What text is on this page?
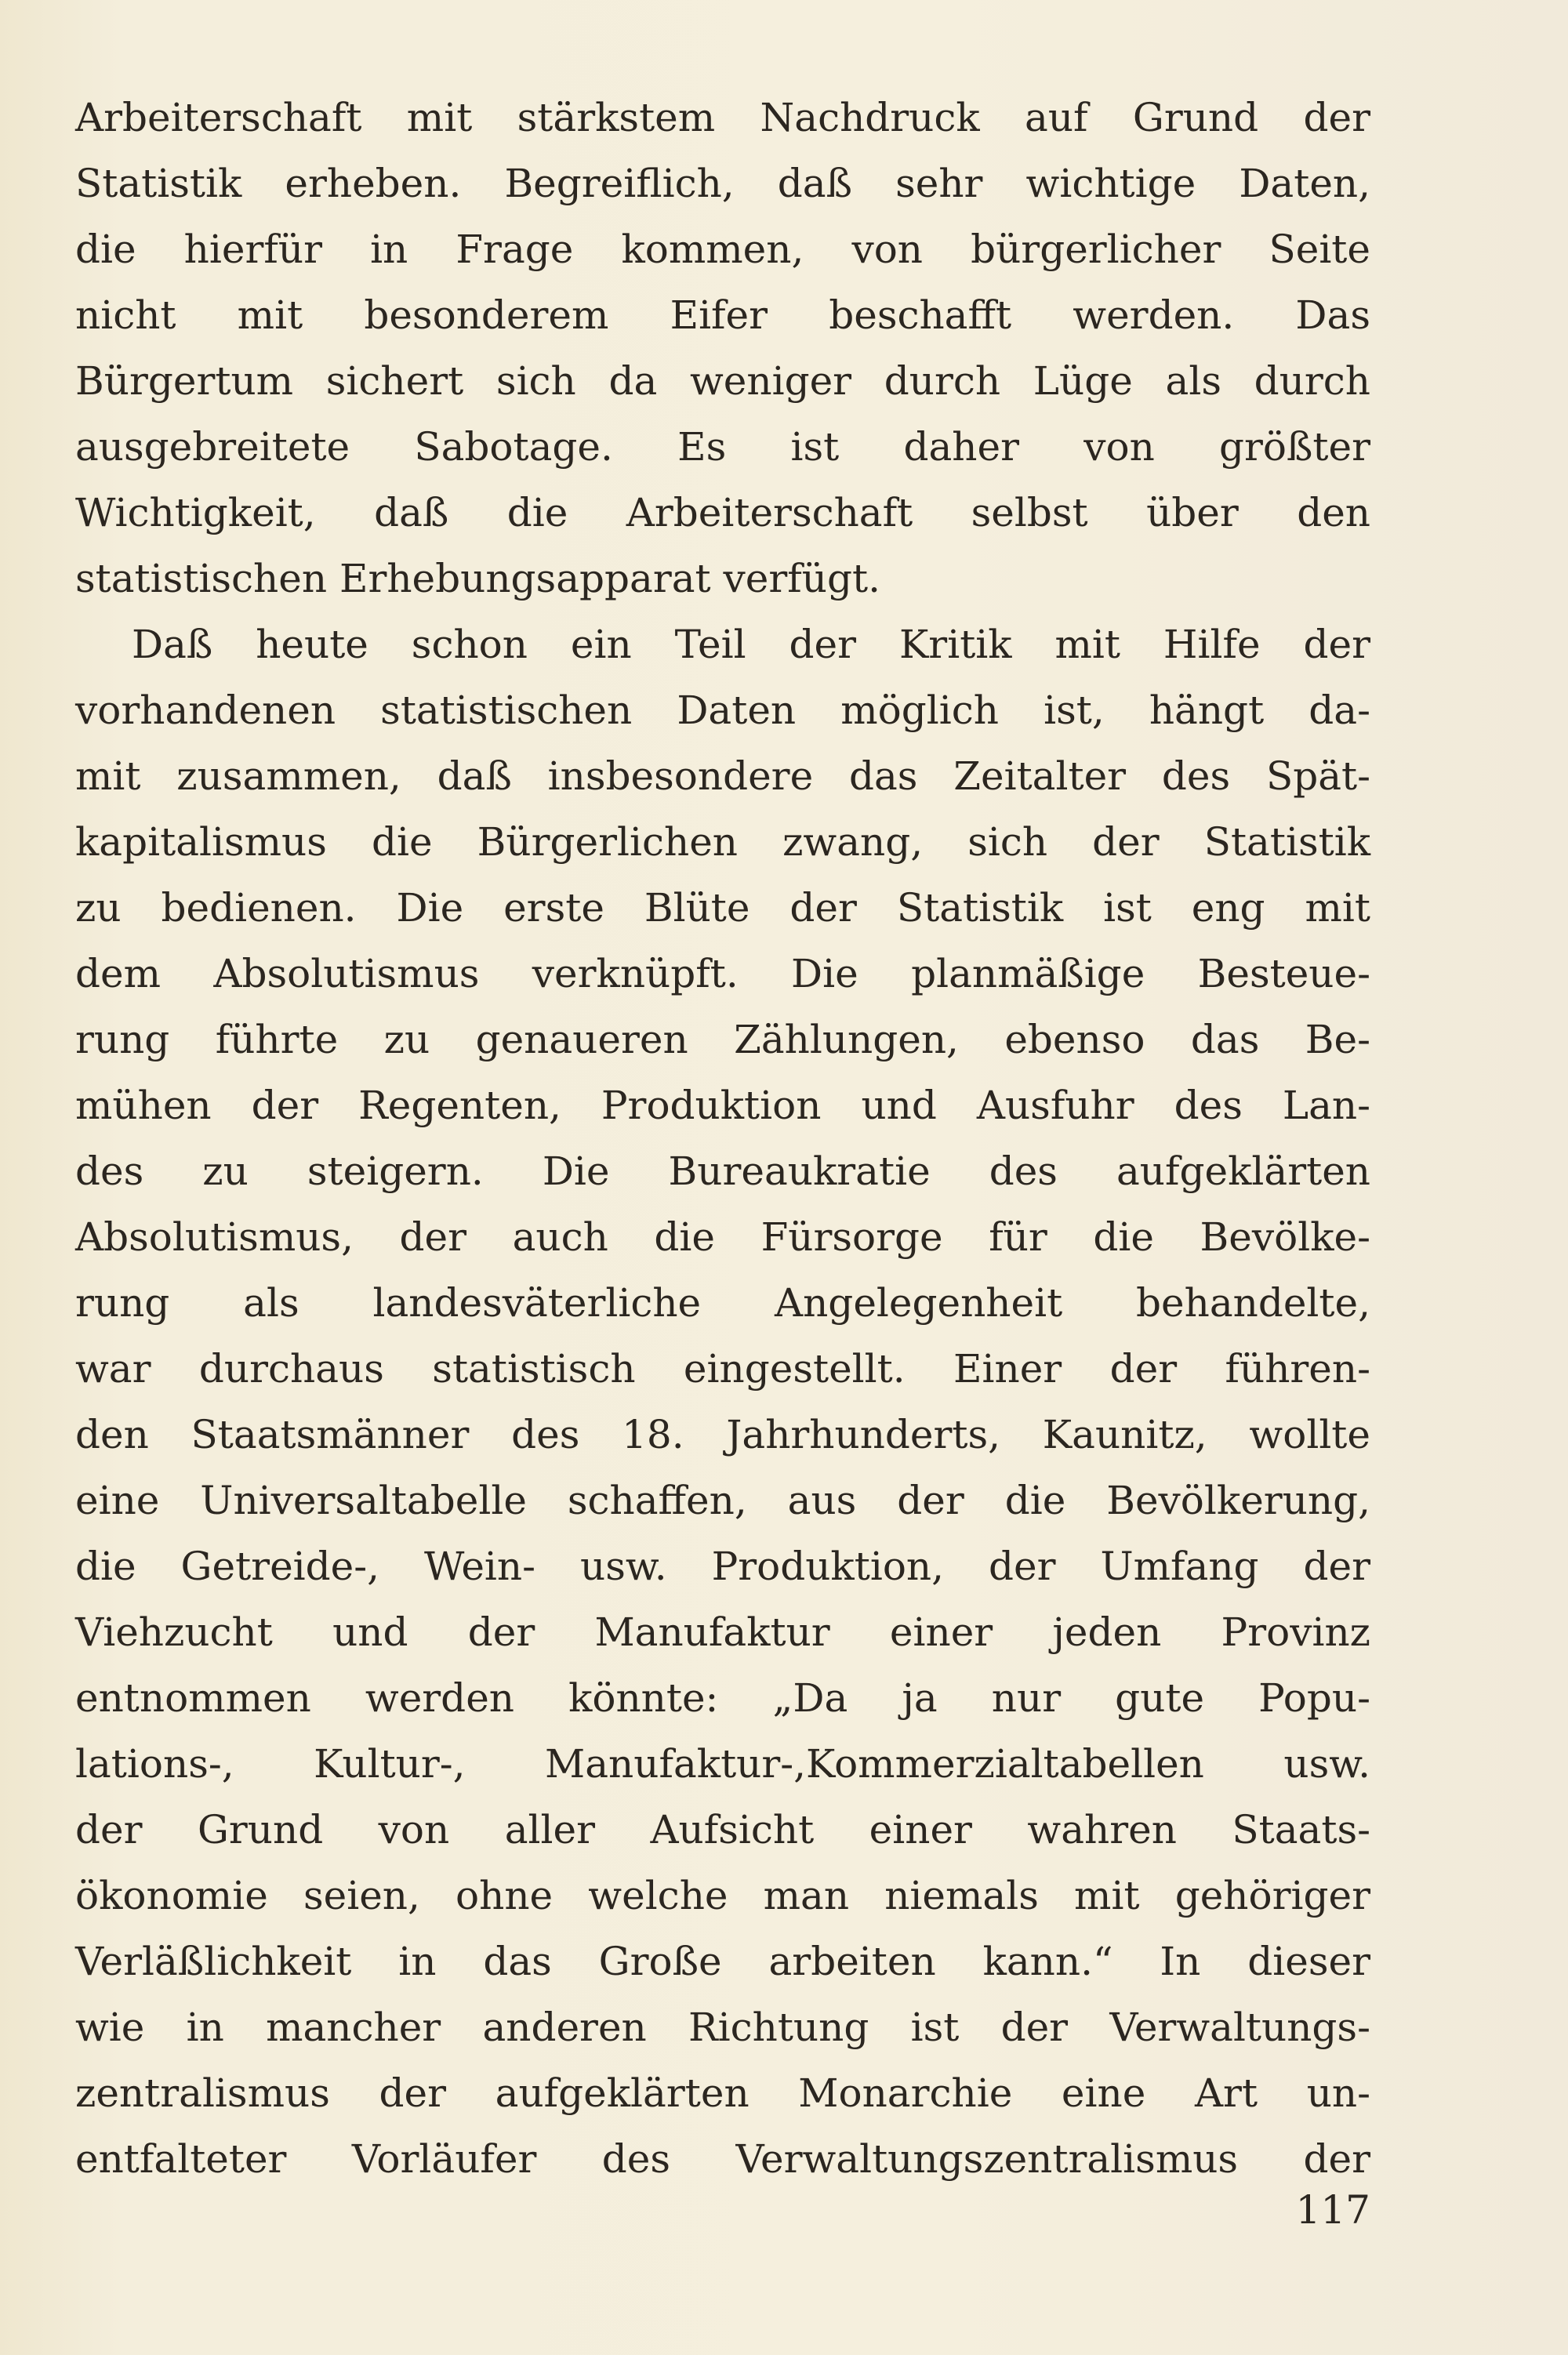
Arbeiterschaft mit stärkstem Nachdruck auf Grund der
Statistik erheben. Begreiflich, daß sehr wichtige Daten,
die hierfür in Frage kommen, von bürgerlicher Seite
nicht mit besonderem Eifer beschafft werden. Das
Bürgertum sichert sich da weniger durch Lüge als durch
ausgebreitete Sabotage. Es ist daher von größter
Wichtigkeit, daß die Arbeiterschaft selbst über den
statistischen Erhebungsapparat verfügt.
Daß heute schon ein Teil der Kritik mit Hilfe der
vorhandenen statistischen Daten möglich ist, hängt da-
mit zusammen, daß insbesondere das Zeitalter des Spät-
kapitalismus die Bürgerlichen zwang, sich der Statistik
zu bedienen. Die erste Blüte der Statistik ist eng mit
dem Absolutismus verknüpft. Die planmäßige Besteue-
rung führte zu genaueren Zählungen, ebenso das Be-
mühen der Regenten, Produktion und Ausfuhr des Lan-
des zu steigern. Die Bureaukratie des aufgeklärten
Absolutismus, der auch die Fürsorge für die Bevölke-
rung als landesväterliche Angelegenheit behandelte,
war durchaus statistisch eingestellt. Einer der führen-
den Staatsmänner des 18. Jahrhunderts, Kaunitz, wollte
eine Universaltabelle schaffen, aus der die Bevölkerung,
die Getreide-, Wein- usw. Produktion, der Umfang der
Viehzucht und der Manufaktur einer jeden Provinz
entnommen werden könnte: „Da ja nur gute Popu-
lations-, Kultur-, Manufaktur-,Kommerzialtabellen usw.
der Grund von aller Aufsicht einer wahren Staats-
ökonomie seien, ohne welche man niemals mit gehöriger
Verläßlichkeit in das Große arbeiten kann.“ In dieser
wie in mancher anderen Richtung ist der Verwaltungs-
zentralismus der aufgeklärten Monarchie eine Art un-
entfalteter Vorläufer des Verwaltungszentralismus der
117
